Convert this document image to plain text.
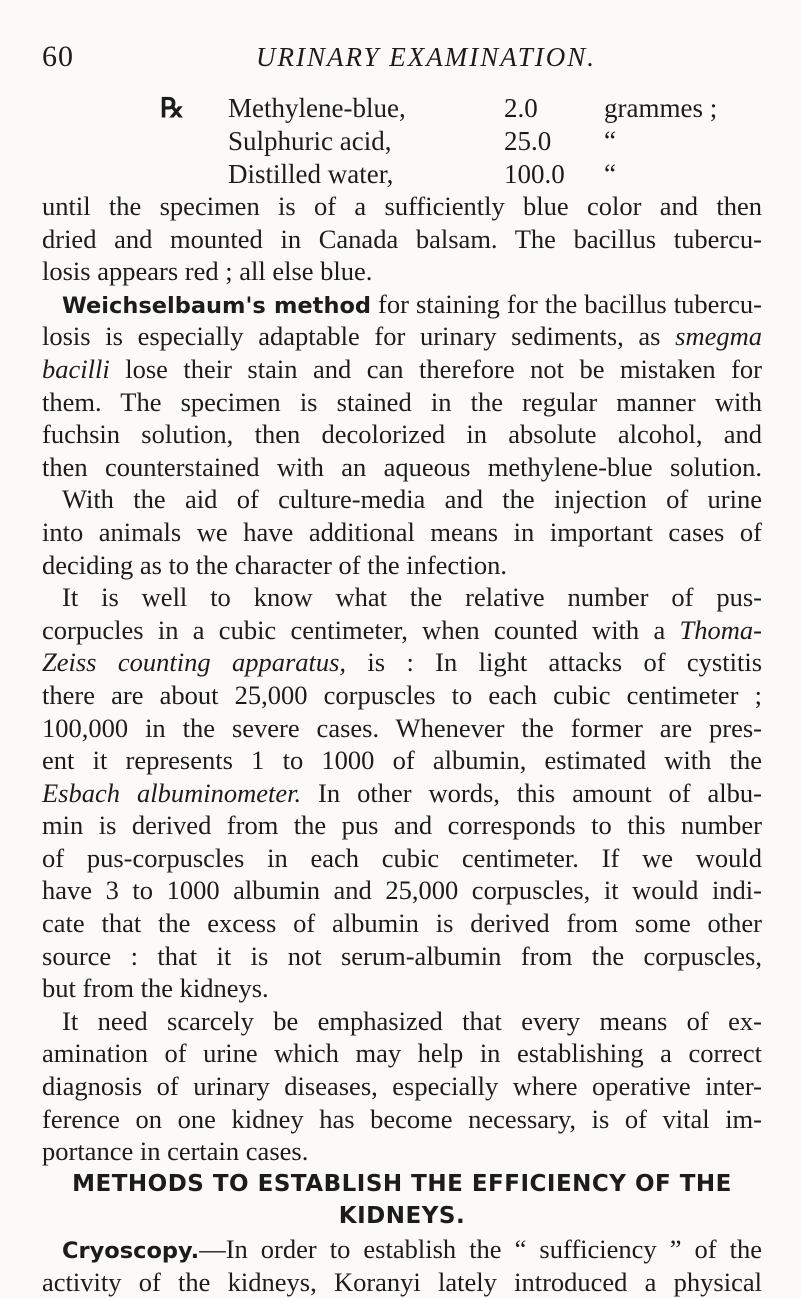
60	URINARY EXAMINATION.
℞ Methylene-blue,	2.0 grammes ;
Sulphuric acid,	25.0 “
Distilled water,	100.0 “
until the specimen is of a sufficiently blue color and then
dried and mounted in Canada balsam. The bacillus tubercu-
losis appears red ; all else blue.
Weichselbaum's method for staining for the bacillus tubercu-
losis is especially adaptable for urinary sediments, as smegma
bacilli lose their stain and can therefore not be mistaken for
them. The specimen is stained in the regular manner with
fuchsin solution, then decolorized in absolute alcohol, and
then counterstained with an aqueous methylene-blue solution.
With the aid of culture-media and the injection of urine
into animals we have additional means in important cases of
deciding as to the character of the infection.
It is well to know what the relative number of pus-
corpucles in a cubic centimeter, when counted with a Thoma-
Zeiss counting apparatus, is : In light attacks of cystitis
there are about 25,000 corpuscles to each cubic centimeter ;
100,000 in the severe cases. Whenever the former are pres-
ent it represents 1 to 1000 of albumin, estimated with the
Esbach albuminometer. In other words, this amount of albu-
min is derived from the pus and corresponds to this number
of pus-corpuscles in each cubic centimeter. If we would
have 3 to 1000 albumin and 25,000 corpuscles, it would indi-
cate that the excess of albumin is derived from some other
source : that it is not serum-albumin from the corpuscles,
but from the kidneys.
It need scarcely be emphasized that every means of ex-
amination of urine which may help in establishing a correct
diagnosis of urinary diseases, especially where operative inter-
ference on one kidney has become necessary, is of vital im-
portance in certain cases.
METHODS TO ESTABLISH THE EFFICIENCY OF THE
KIDNEYS.
Cryoscopy.—In order to establish the “ sufficiency ” of the
activity of the kidneys, Koranyi lately introduced a physical
